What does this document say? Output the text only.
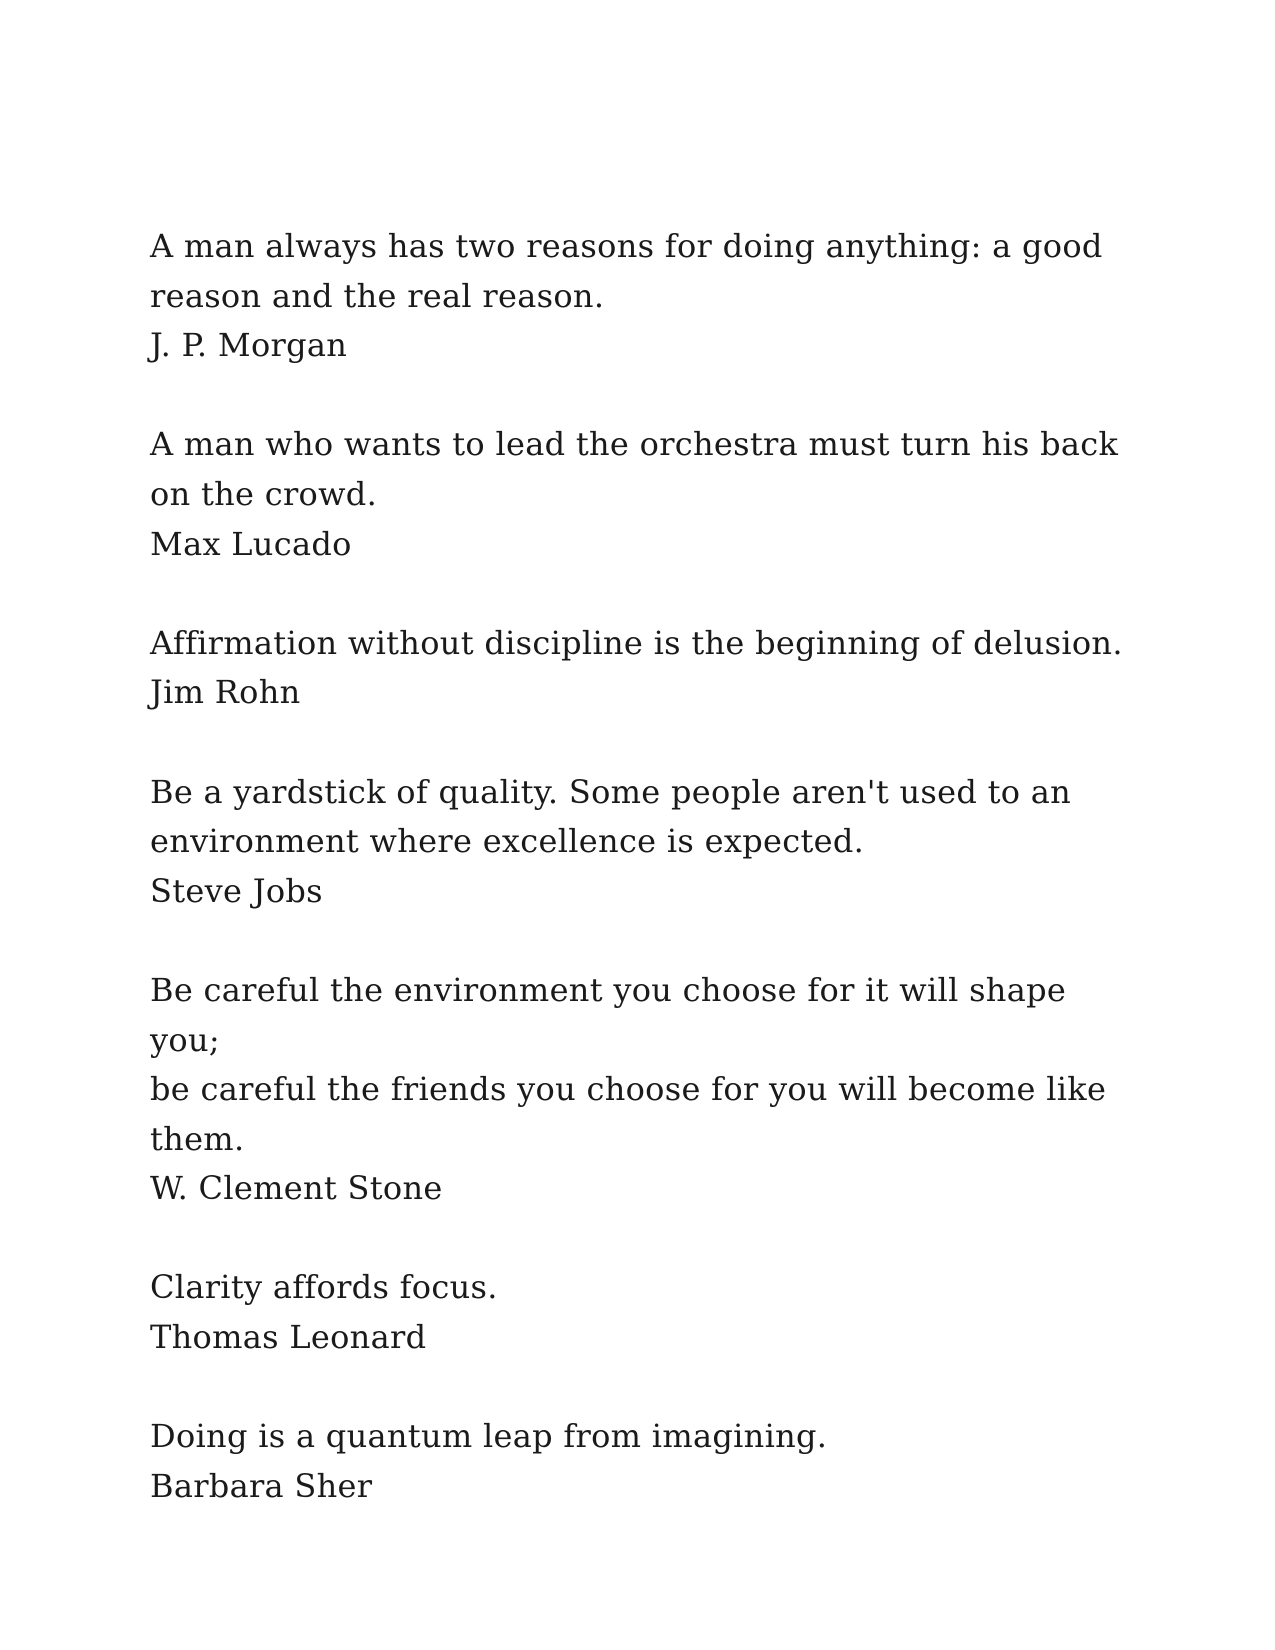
A man always has two reasons for doing anything: a good
reason and the real reason.
J. P. Morgan
A man who wants to lead the orchestra must turn his back
on the crowd.
Max Lucado
Affirmation without discipline is the beginning of delusion.
Jim Rohn
Be a yardstick of quality. Some people aren't used to an
environment where excellence is expected.
Steve Jobs
Be careful the environment you choose for it will shape you;
be careful the friends you choose for you will become like
them.
W. Clement Stone
Clarity affords focus.
Thomas Leonard
Doing is a quantum leap from imagining.
Barbara Sher
